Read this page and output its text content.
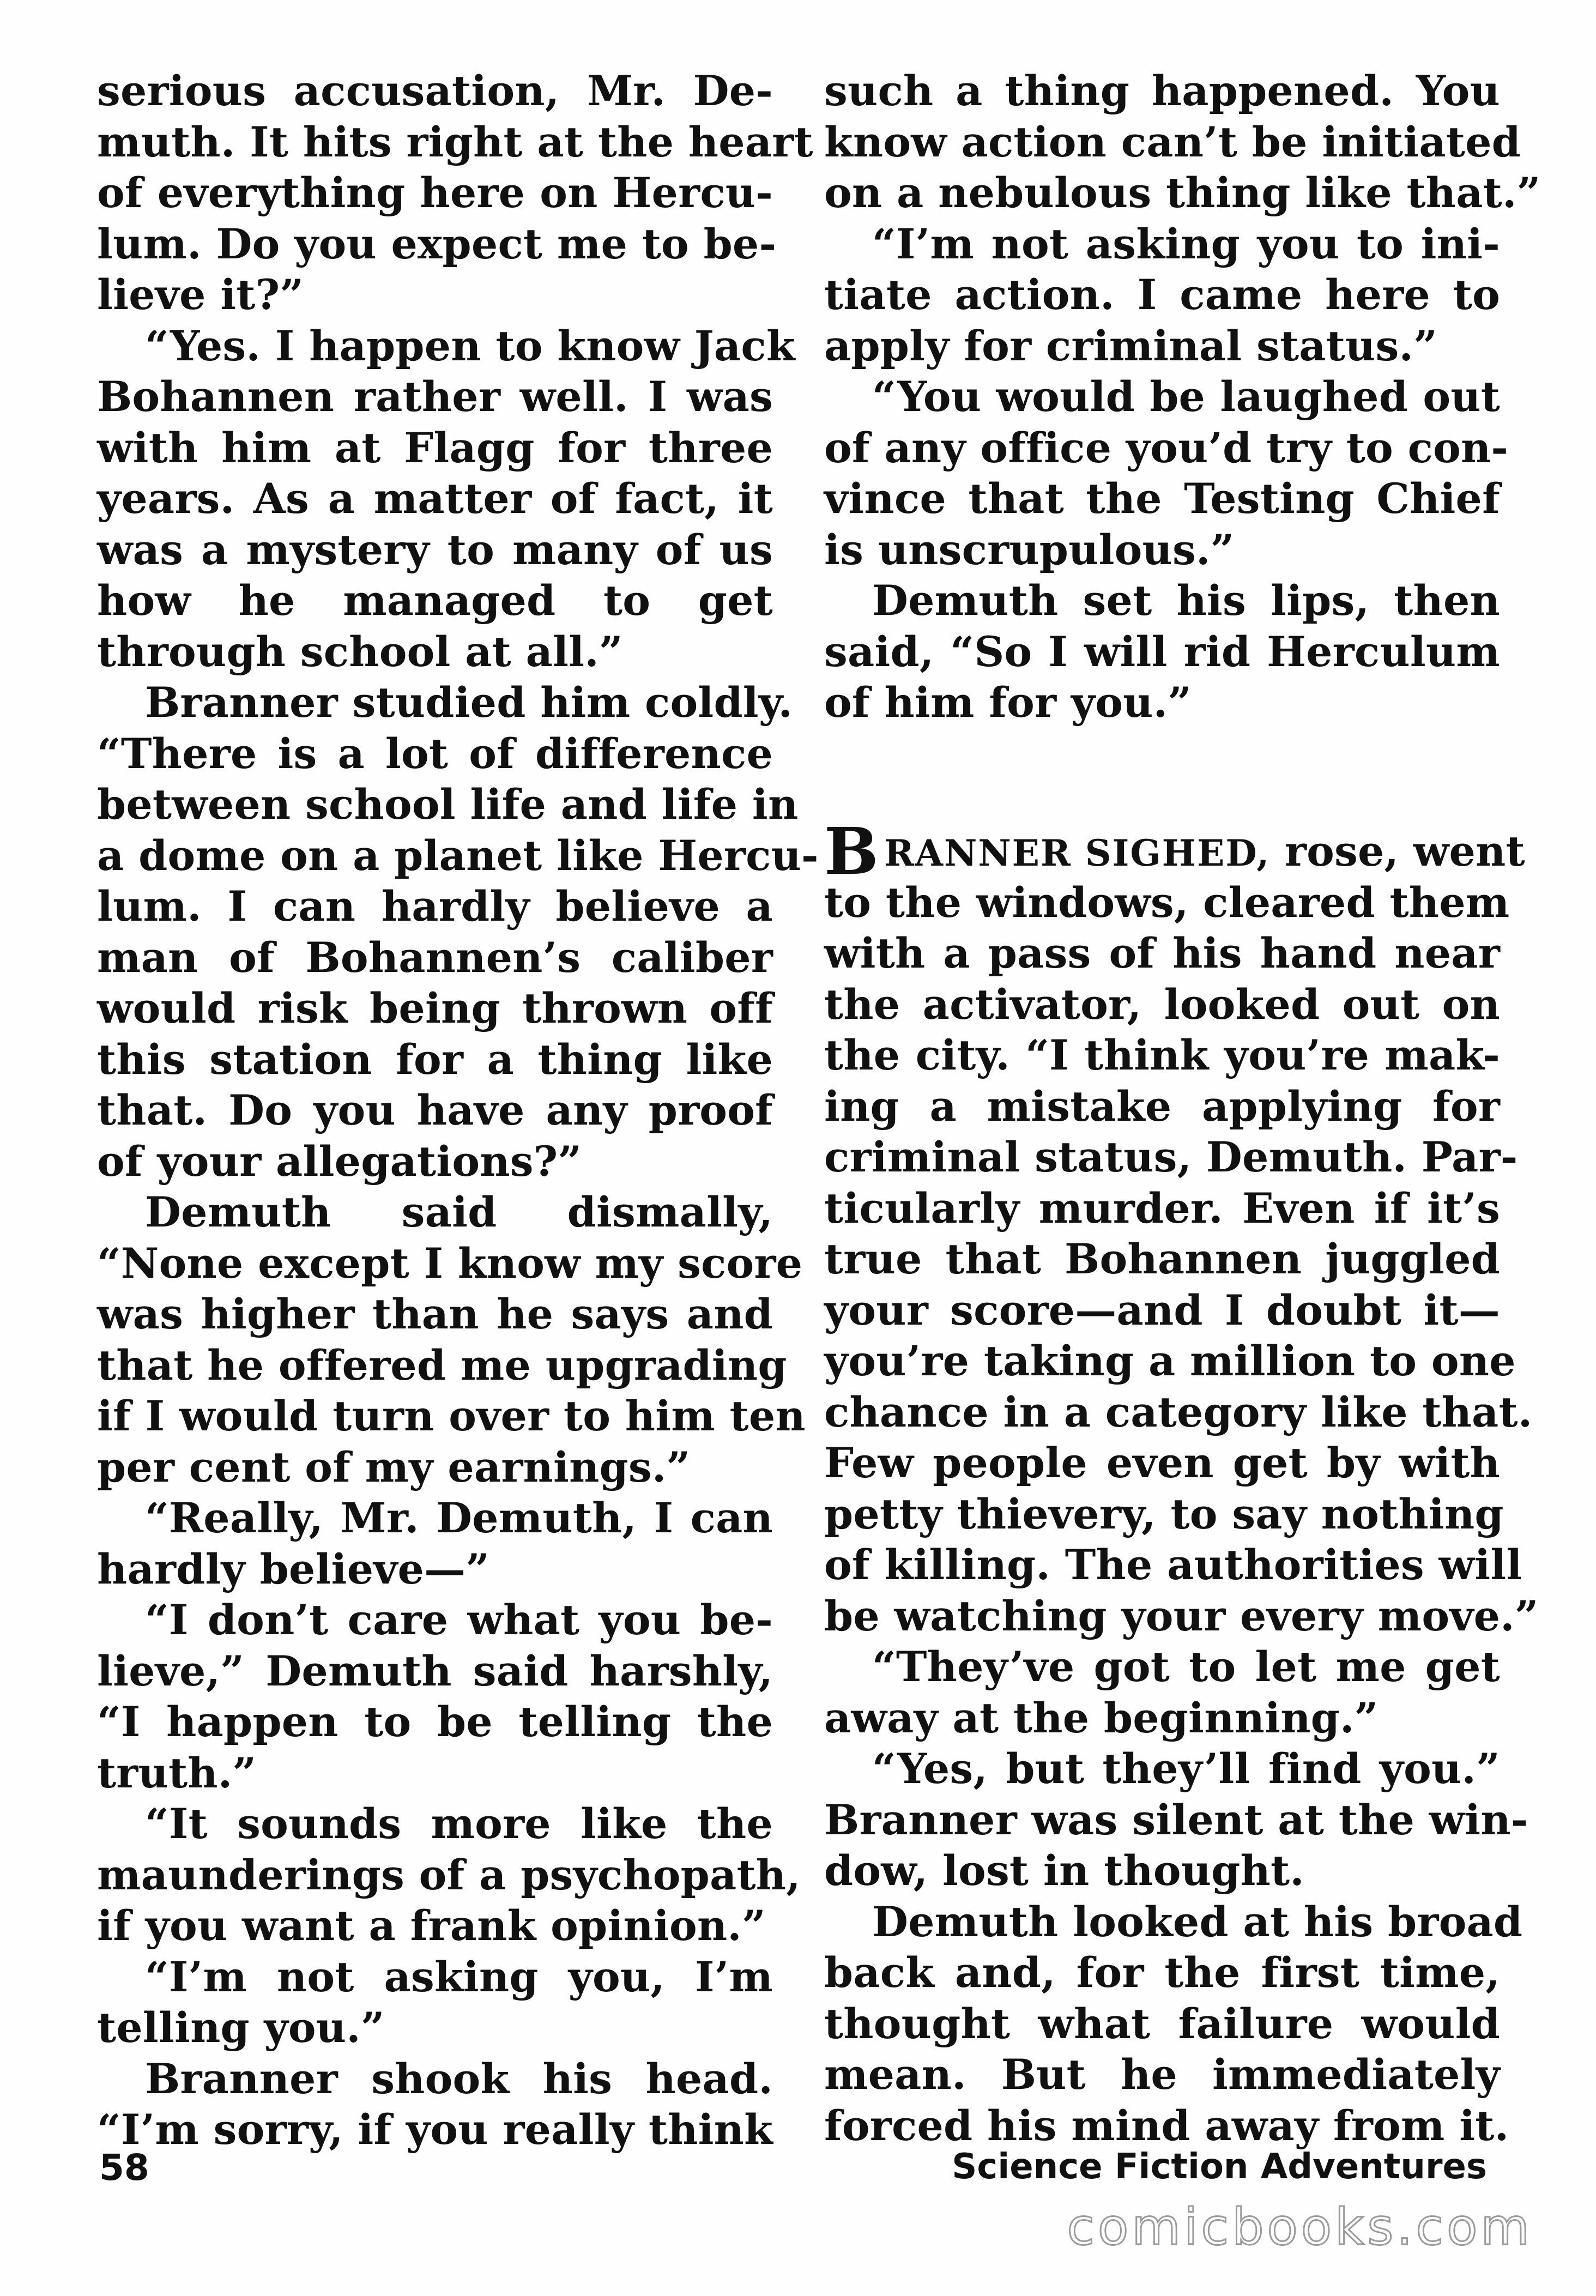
serious accusation, Mr. De-
muth. It hits right at the heart
of everything here on Hercu-
lum. Do you expect me to be-
lieve it?”
“Yes. I happen to know Jack
Bohannen rather well. I was
with him at Flagg for three
years. As a matter of fact, it
was a mystery to many of us
how he managed to get
through school at all.”
Branner studied him coldly.
“There is a lot of difference
between school life and life in
a dome on a planet like Hercu-
lum. I can hardly believe a
man of Bohannen’s caliber
would risk being thrown off
this station for a thing like
that. Do you have any proof
of your allegations?”
Demuth said dismally,
“None except I know my score
was higher than he says and
that he offered me upgrading
if I would turn over to him ten
per cent of my earnings.”
“Really, Mr. Demuth, I can
hardly believe—”
“I don’t care what you be-
lieve,” Demuth said harshly,
“I happen to be telling the
truth.”
“It sounds more like the
maunderings of a psychopath,
if you want a frank opinion.”
“I’m not asking you, I’m
telling you.”
Branner shook his head.
“I’m sorry, if you really think
such a thing happened. You
know action can’t be initiated
on a nebulous thing like that.”
“I’m not asking you to ini-
tiate action. I came here to
apply for criminal status.”
“You would be laughed out
of any office you’d try to con-
vince that the Testing Chief
is unscrupulous.”
Demuth set his lips, then
said, “So I will rid Herculum
of him for you.”
BRANNER SIGHED, rose, went
to the windows, cleared them
with a pass of his hand near
the activator, looked out on
the city. “I think you’re mak-
ing a mistake applying for
criminal status, Demuth. Par-
ticularly murder. Even if it’s
true that Bohannen juggled
your score—and I doubt it—
you’re taking a million to one
chance in a category like that.
Few people even get by with
petty thievery, to say nothing
of killing. The authorities will
be watching your every move.”
“They’ve got to let me get
away at the beginning.”
“Yes, but they’ll find you.”
Branner was silent at the win-
dow, lost in thought.
Demuth looked at his broad
back and, for the first time,
thought what failure would
mean. But he immediately
forced his mind away from it.
58	Science Fiction Adventures
comicbooks.com
